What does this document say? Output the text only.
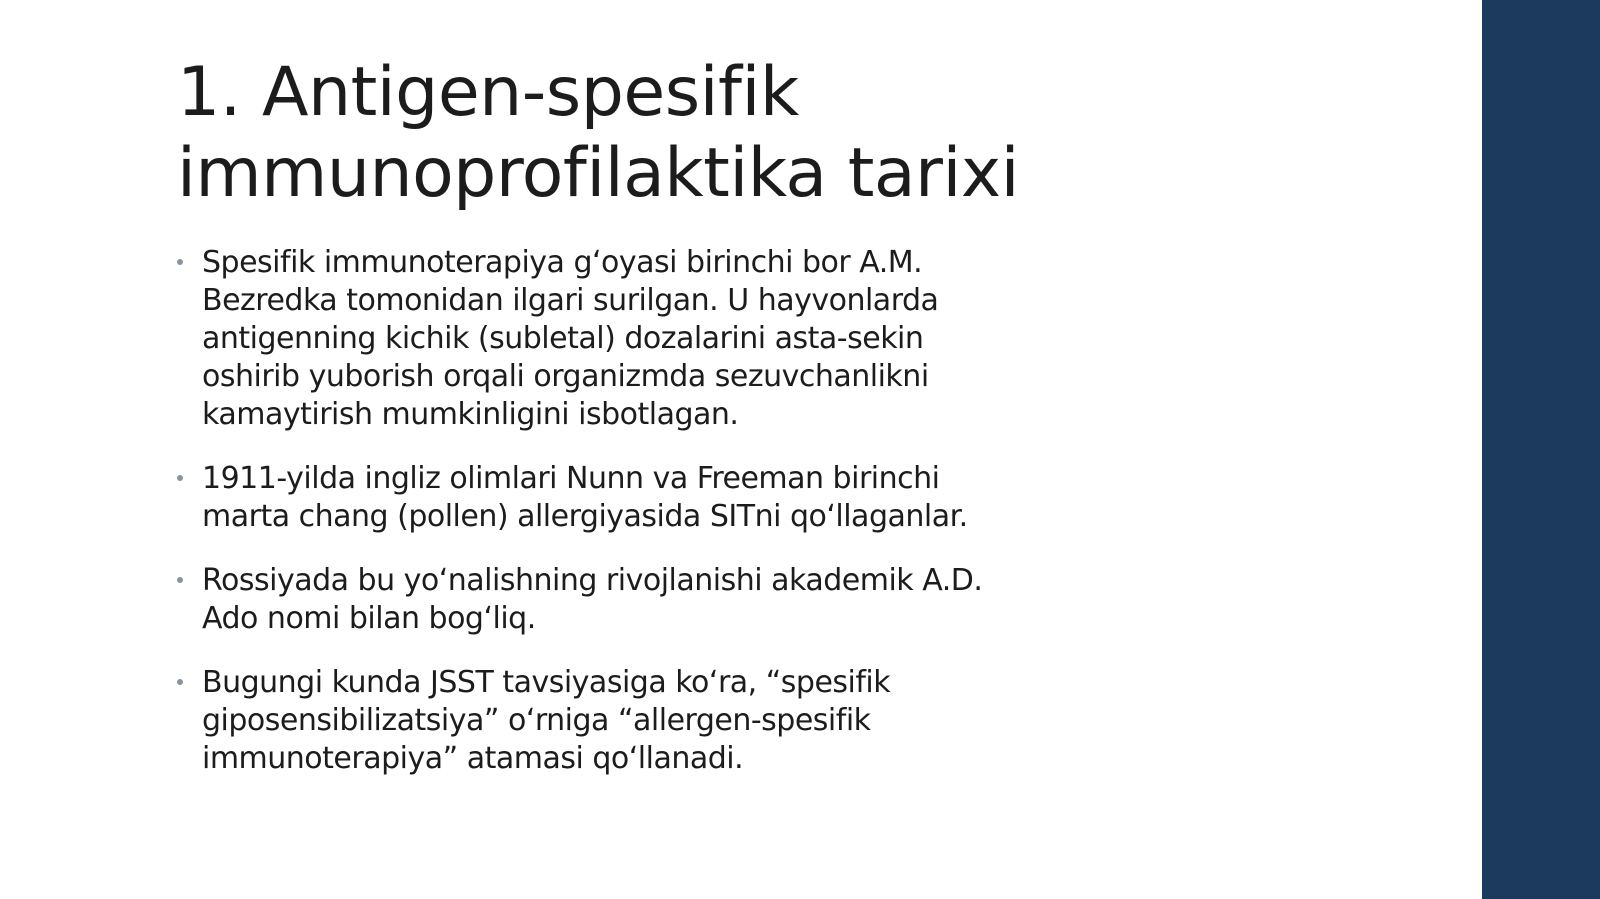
1. Antigen-spesifik
immunoprofilaktika tarixi
Spesifik immunoterapiya g‘oyasi birinchi bor A.M.
Bezredka tomonidan ilgari surilgan. U hayvonlarda
antigenning kichik (subletal) dozalarini asta-sekin
oshirib yuborish orqali organizmda sezuvchanlikni
kamaytirish mumkinligini isbotlagan.
1911-yilda ingliz olimlari Nunn va Freeman birinchi
marta chang (pollen) allergiyasida SITni qo‘llaganlar.
Rossiyada bu yo‘nalishning rivojlanishi akademik A.D.
Ado nomi bilan bog‘liq.
Bugungi kunda JSST tavsiyasiga ko‘ra, “spesifik
giposensibilizatsiya” o‘rniga “allergen-spesifik
immunoterapiya” atamasi qo‘llanadi.
